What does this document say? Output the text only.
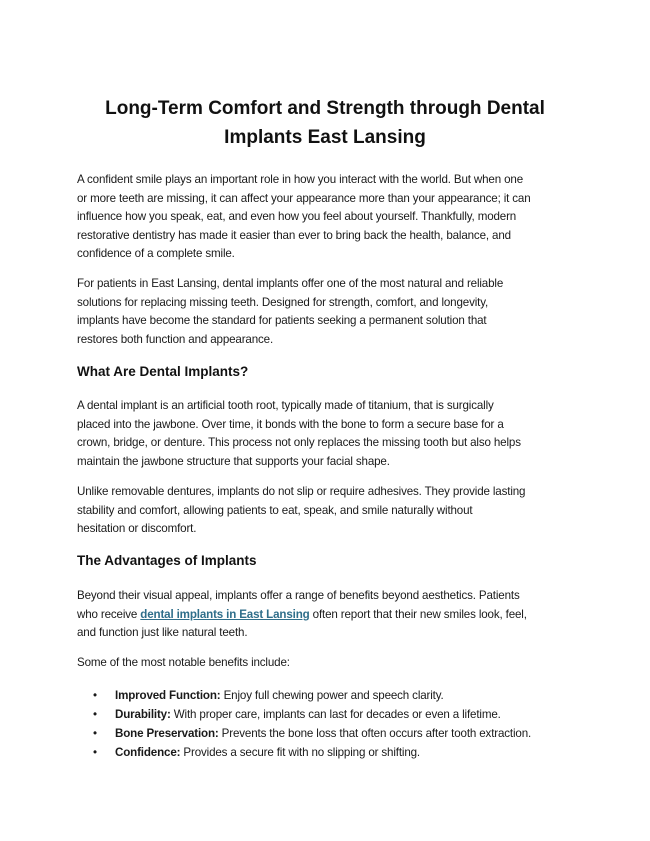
Long-Term Comfort and Strength through Dental
Implants East Lansing

A confident smile plays an important role in how you interact with the world. But when one
or more teeth are missing, it can affect your appearance more than your appearance; it can
influence how you speak, eat, and even how you feel about yourself. Thankfully, modern
restorative dentistry has made it easier than ever to bring back the health, balance, and
confidence of a complete smile.

For patients in East Lansing, dental implants offer one of the most natural and reliable
solutions for replacing missing teeth. Designed for strength, comfort, and longevity,
implants have become the standard for patients seeking a permanent solution that
restores both function and appearance.

What Are Dental Implants?

A dental implant is an artificial tooth root, typically made of titanium, that is surgically
placed into the jawbone. Over time, it bonds with the bone to form a secure base for a
crown, bridge, or denture. This process not only replaces the missing tooth but also helps
maintain the jawbone structure that supports your facial shape.

Unlike removable dentures, implants do not slip or require adhesives. They provide lasting
stability and comfort, allowing patients to eat, speak, and smile naturally without
hesitation or discomfort.

The Advantages of Implants

Beyond their visual appeal, implants offer a range of benefits beyond aesthetics. Patients
who receive dental implants in East Lansing often report that their new smiles look, feel,
and function just like natural teeth.

Some of the most notable benefits include:

• Improved Function: Enjoy full chewing power and speech clarity.
• Durability: With proper care, implants can last for decades or even a lifetime.
• Bone Preservation: Prevents the bone loss that often occurs after tooth extraction.
• Confidence: Provides a secure fit with no slipping or shifting.
